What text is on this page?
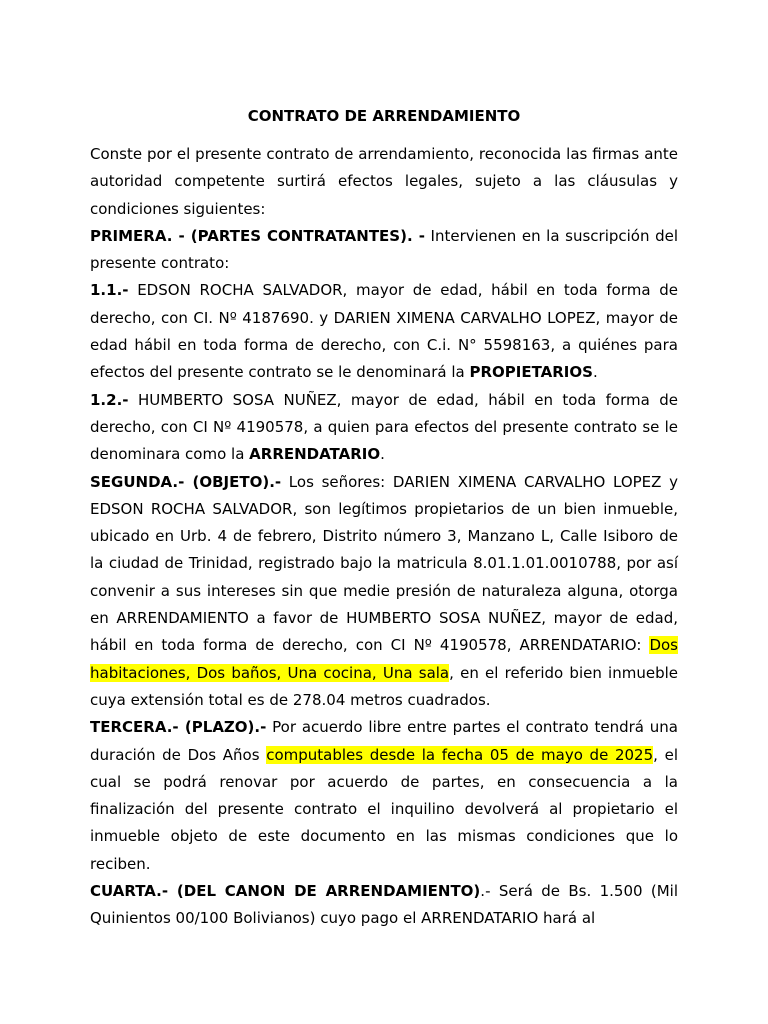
CONTRATO DE ARRENDAMIENTO

Conste por el presente contrato de arrendamiento, reconocida las firmas ante autoridad competente surtirá efectos legales, sujeto a las cláusulas y condiciones siguientes:

PRIMERA. - (PARTES CONTRATANTES). - Intervienen en la suscripción del presente contrato:

1.1.- EDSON ROCHA SALVADOR, mayor de edad, hábil en toda forma de derecho, con CI. Nº 4187690. y DARIEN XIMENA CARVALHO LOPEZ, mayor de edad hábil en toda forma de derecho, con C.i. N° 5598163, a quiénes para efectos del presente contrato se le denominará la PROPIETARIOS.

1.2.- HUMBERTO SOSA NUÑEZ, mayor de edad, hábil en toda forma de derecho, con CI Nº 4190578, a quien para efectos del presente contrato se le denominara como la ARRENDATARIO.

SEGUNDA.- (OBJETO).- Los señores: DARIEN XIMENA CARVALHO LOPEZ y EDSON ROCHA SALVADOR, son legítimos propietarios de un bien inmueble, ubicado en Urb. 4 de febrero, Distrito número 3, Manzano L, Calle Isiboro de la ciudad de Trinidad, registrado bajo la matricula 8.01.1.01.0010788, por así convenir a sus intereses sin que medie presión de naturaleza alguna, otorga en ARRENDAMIENTO a favor de HUMBERTO SOSA NUÑEZ, mayor de edad, hábil en toda forma de derecho, con CI Nº 4190578, ARRENDATARIO: Dos habitaciones, Dos baños, Una cocina, Una sala, en el referido bien inmueble cuya extensión total es de 278.04 metros cuadrados.

TERCERA.- (PLAZO).- Por acuerdo libre entre partes el contrato tendrá una duración de Dos Años computables desde la fecha 05 de mayo de 2025, el cual se podrá renovar por acuerdo de partes, en consecuencia a la finalización del presente contrato el inquilino devolverá al propietario el inmueble objeto de este documento en las mismas condiciones que lo reciben.

CUARTA.- (DEL CANON DE ARRENDAMIENTO).- Será de Bs. 1.500 (Mil Quinientos 00/100 Bolivianos) cuyo pago el ARRENDATARIO hará al
